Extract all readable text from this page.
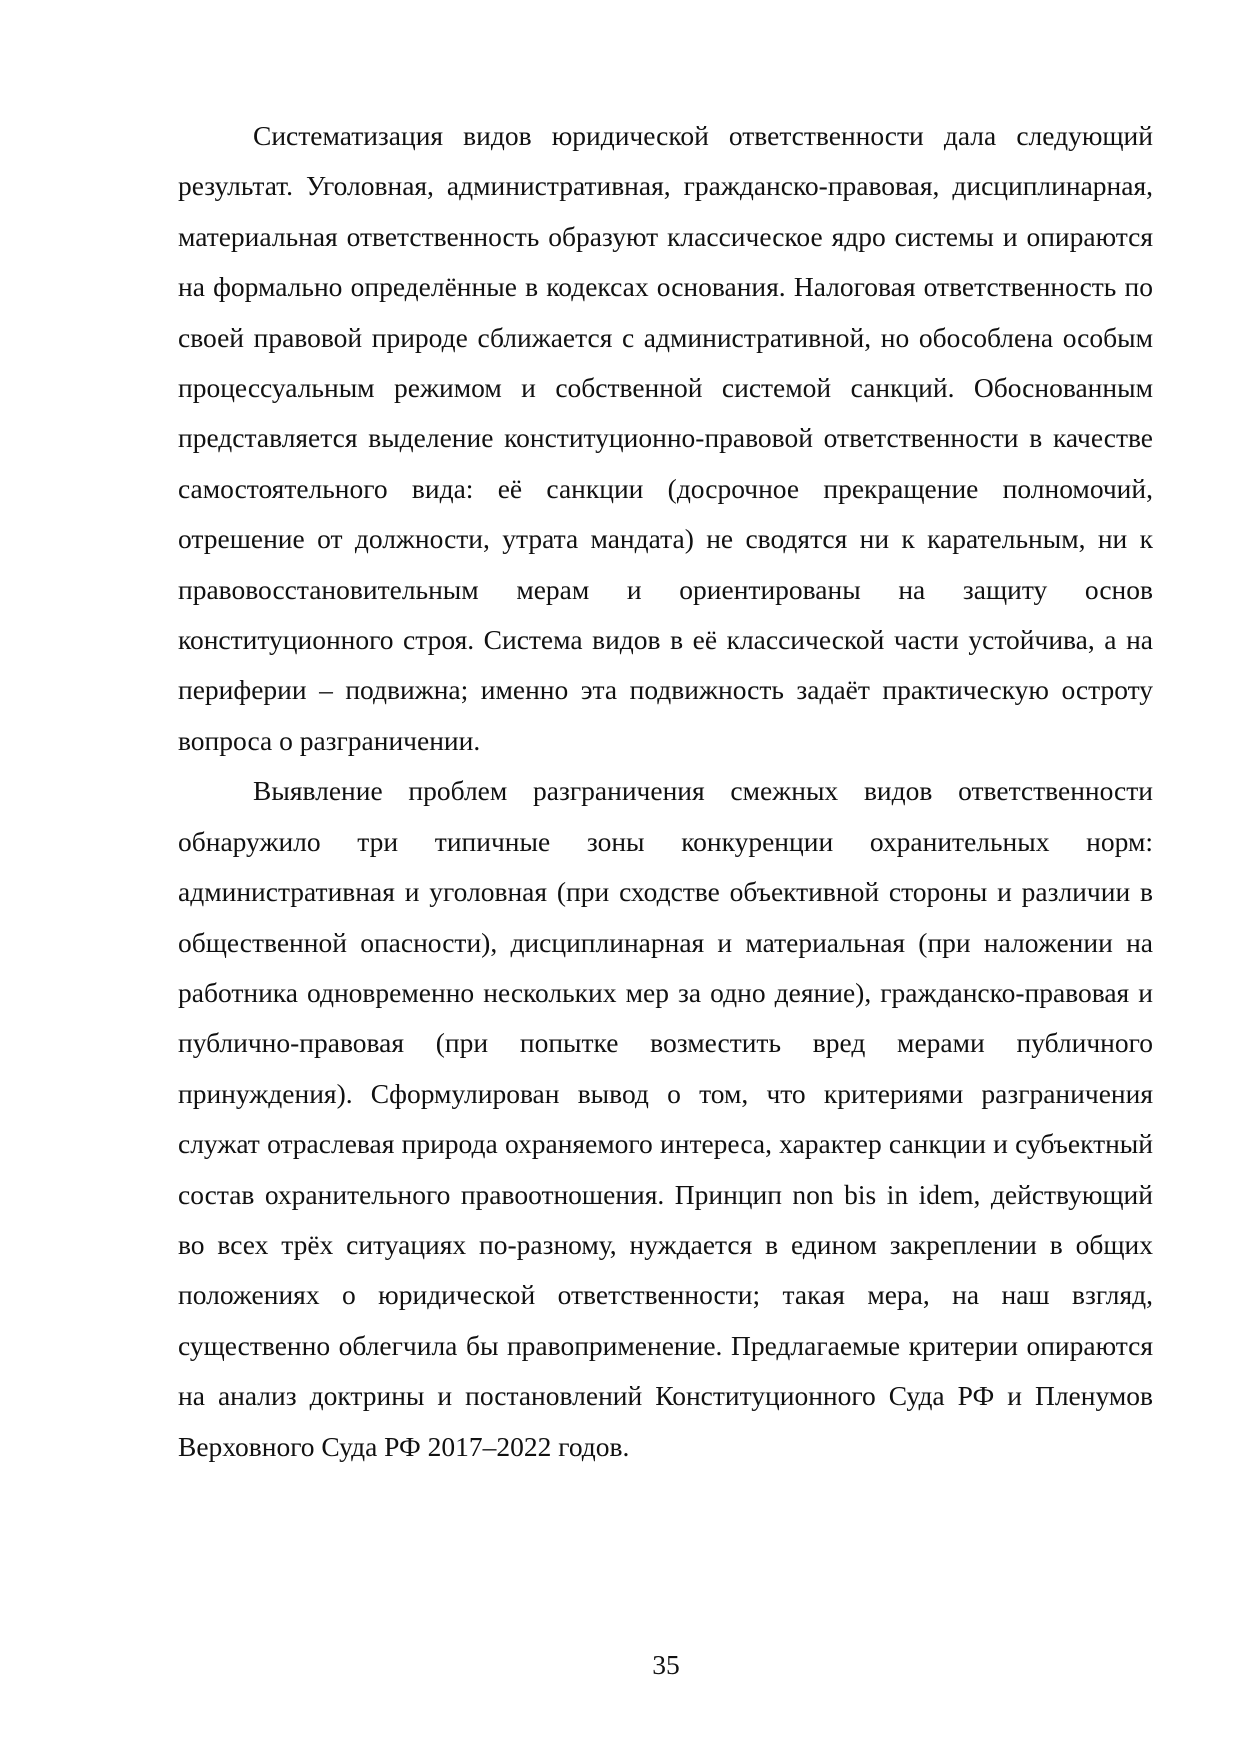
Систематизация видов юридической ответственности дала следующий результат. Уголовная, административная, гражданско-правовая, дисциплинарная, материальная ответственность образуют классическое ядро системы и опираются на формально определённые в кодексах основания. Налоговая ответственность по своей правовой природе сближается с административной, но обособлена особым процессуальным режимом и собственной системой санкций. Обоснованным представляется выделение конституционно-правовой ответственности в качестве самостоятельного вида: её санкции (досрочное прекращение полномочий, отрешение от должности, утрата мандата) не сводятся ни к карательным, ни к правовосстановительным мерам и ориентированы на защиту основ конституционного строя. Система видов в её классической части устойчива, а на периферии – подвижна; именно эта подвижность задаёт практическую остроту вопроса о разграничении.

Выявление проблем разграничения смежных видов ответственности обнаружило три типичные зоны конкуренции охранительных норм: административная и уголовная (при сходстве объективной стороны и различии в общественной опасности), дисциплинарная и материальная (при наложении на работника одновременно нескольких мер за одно деяние), гражданско-правовая и публично-правовая (при попытке возместить вред мерами публичного принуждения). Сформулирован вывод о том, что критериями разграничения служат отраслевая природа охраняемого интереса, характер санкции и субъектный состав охранительного правоотношения. Принцип non bis in idem, действующий во всех трёх ситуациях по-разному, нуждается в едином закреплении в общих положениях о юридической ответственности; такая мера, на наш взгляд, существенно облегчила бы правоприменение. Предлагаемые критерии опираются на анализ доктрины и постановлений Конституционного Суда РФ и Пленумов Верховного Суда РФ 2017–2022 годов.

35
